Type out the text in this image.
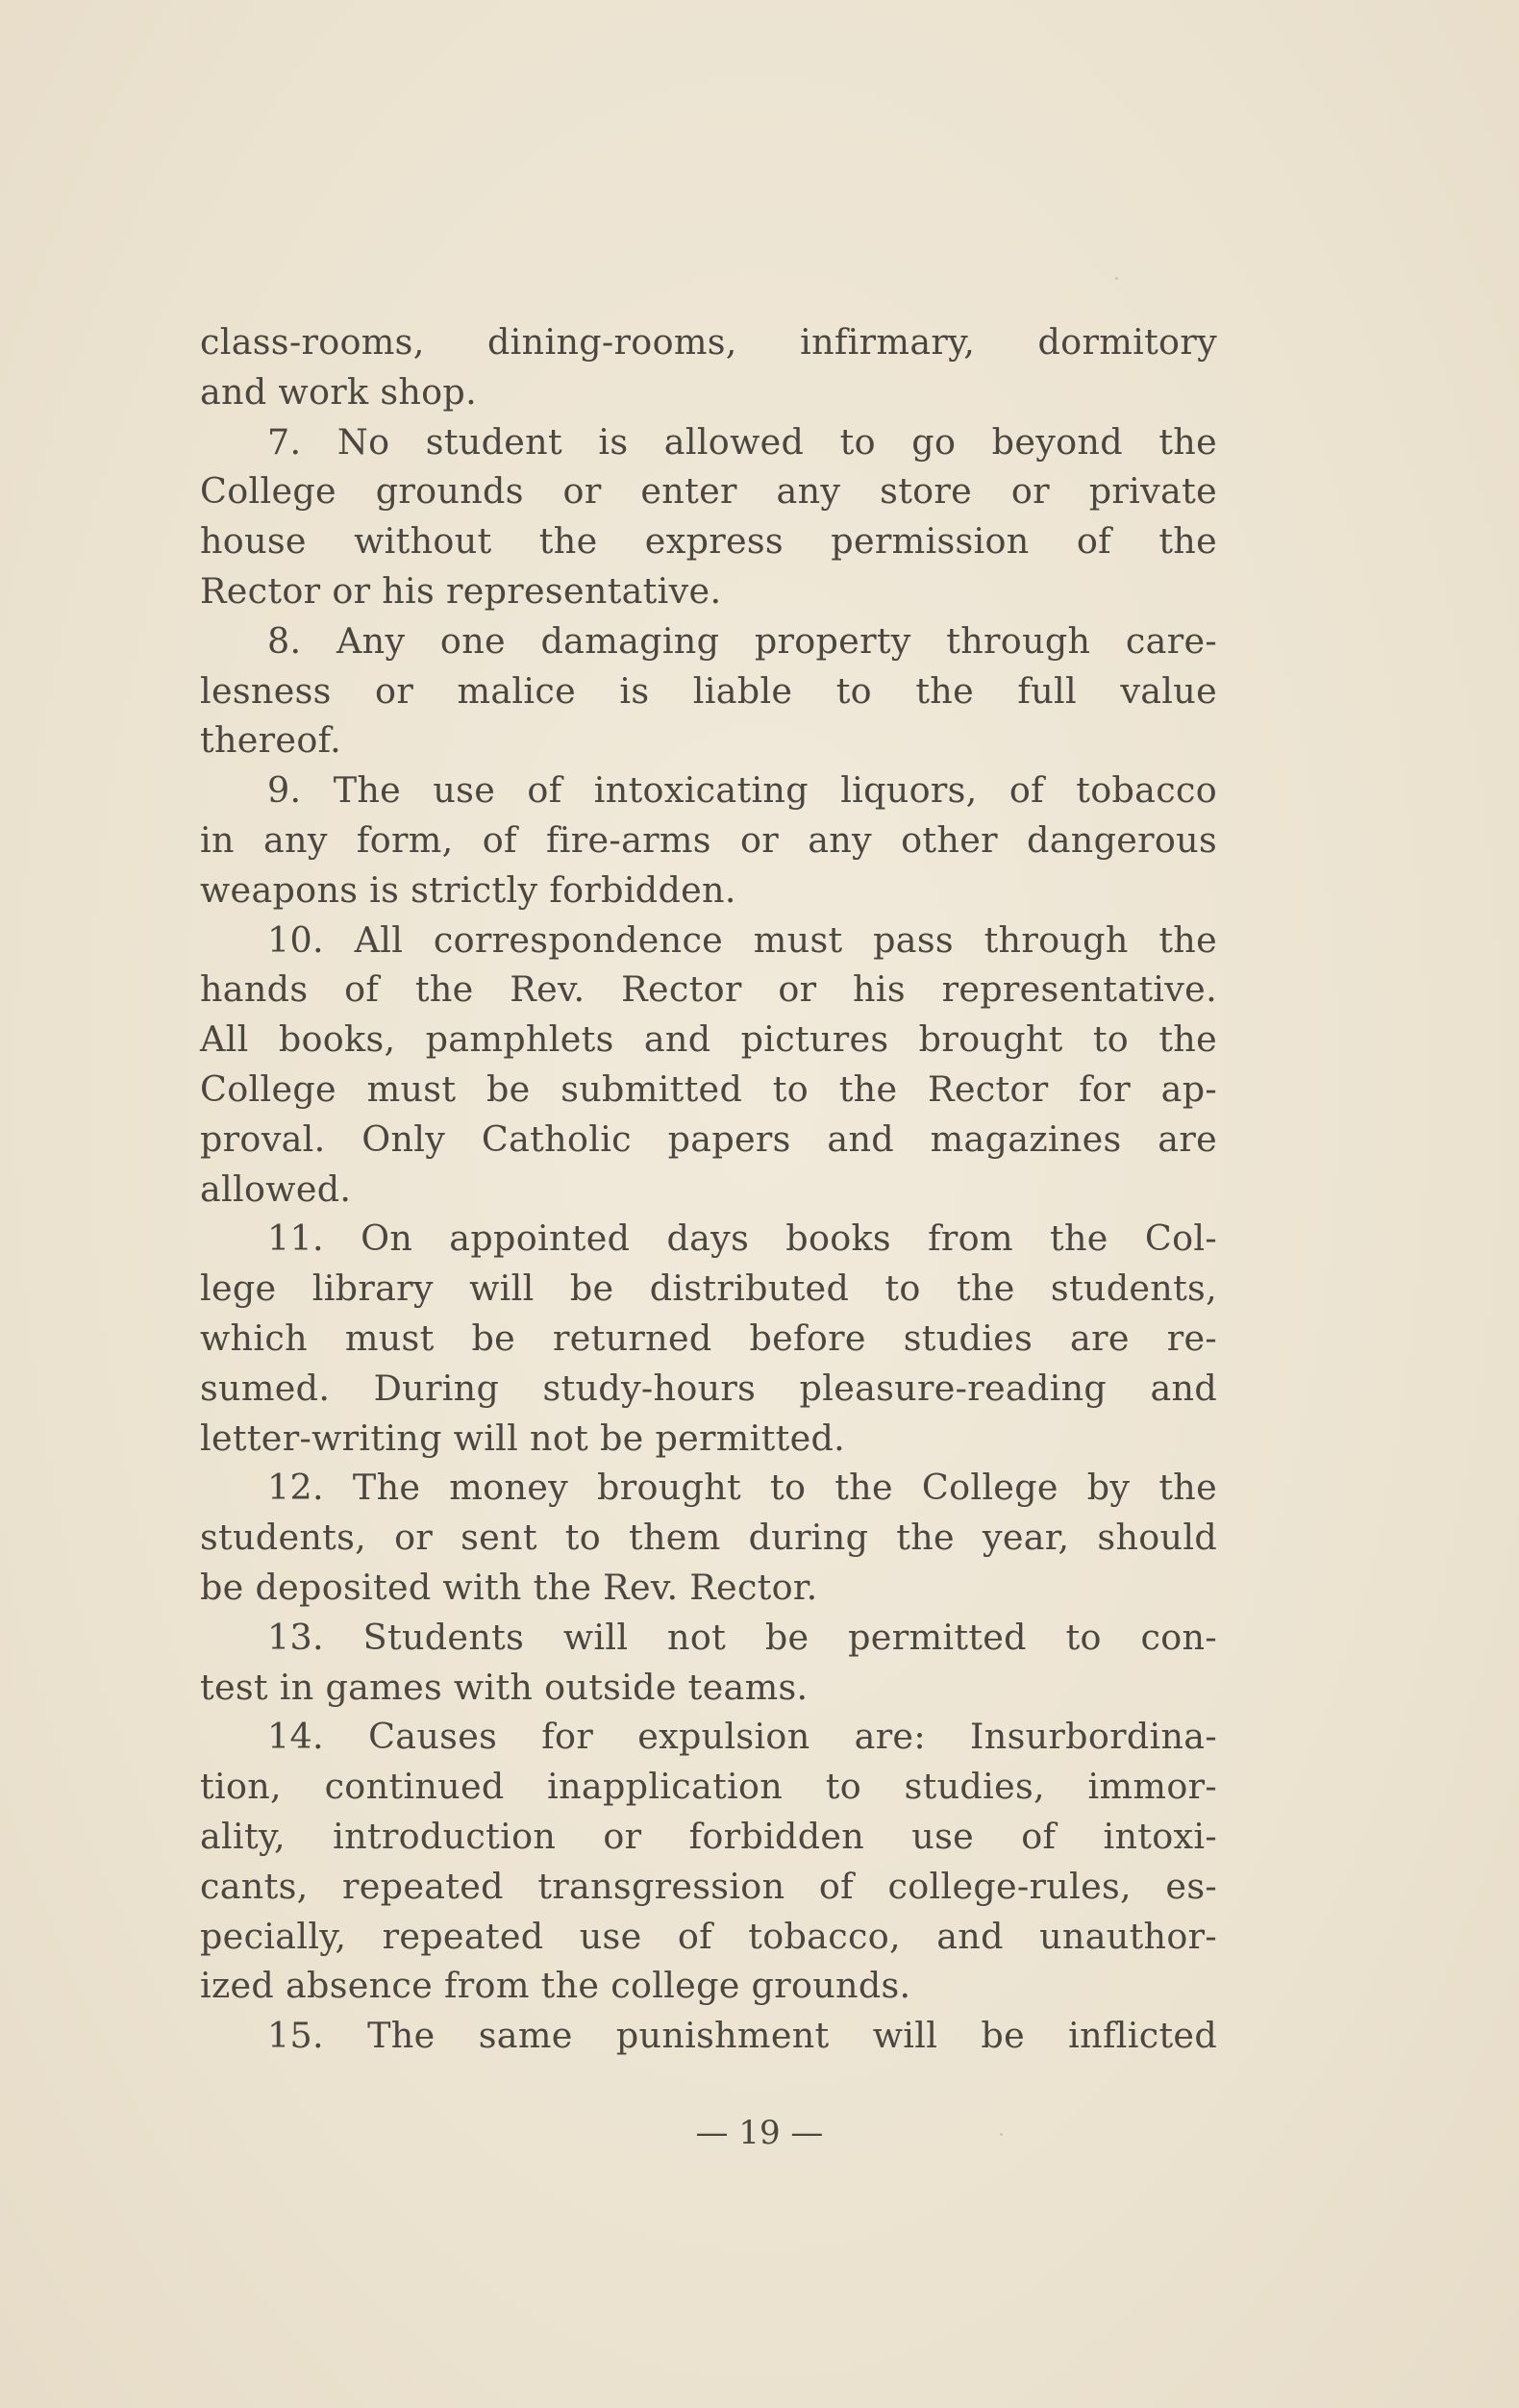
class-rooms, dining-rooms, infirmary, dormitory
and work shop.
7. No student is allowed to go beyond the
College grounds or enter any store or private
house without the express permission of the
Rector or his representative.
8. Any one damaging property through care-
lesness or malice is liable to the full value
thereof.
9. The use of intoxicating liquors, of tobacco
in any form, of fire-arms or any other dangerous
weapons is strictly forbidden.
10. All correspondence must pass through the
hands of the Rev. Rector or his representative.
All books, pamphlets and pictures brought to the
College must be submitted to the Rector for ap-
proval. Only Catholic papers and magazines are
allowed.
11. On appointed days books from the Col-
lege library will be distributed to the students,
which must be returned before studies are re-
sumed. During study-hours pleasure-reading and
letter-writing will not be permitted.
12. The money brought to the College by the
students, or sent to them during the year, should
be deposited with the Rev. Rector.
13. Students will not be permitted to con-
test in games with outside teams.
14. Causes for expulsion are: Insurbordina-
tion, continued inapplication to studies, immor-
ality, introduction or forbidden use of intoxi-
cants, repeated transgression of college-rules, es-
pecially, repeated use of tobacco, and unauthor-
ized absence from the college grounds.
15. The same punishment will be inflicted
— 19 —
